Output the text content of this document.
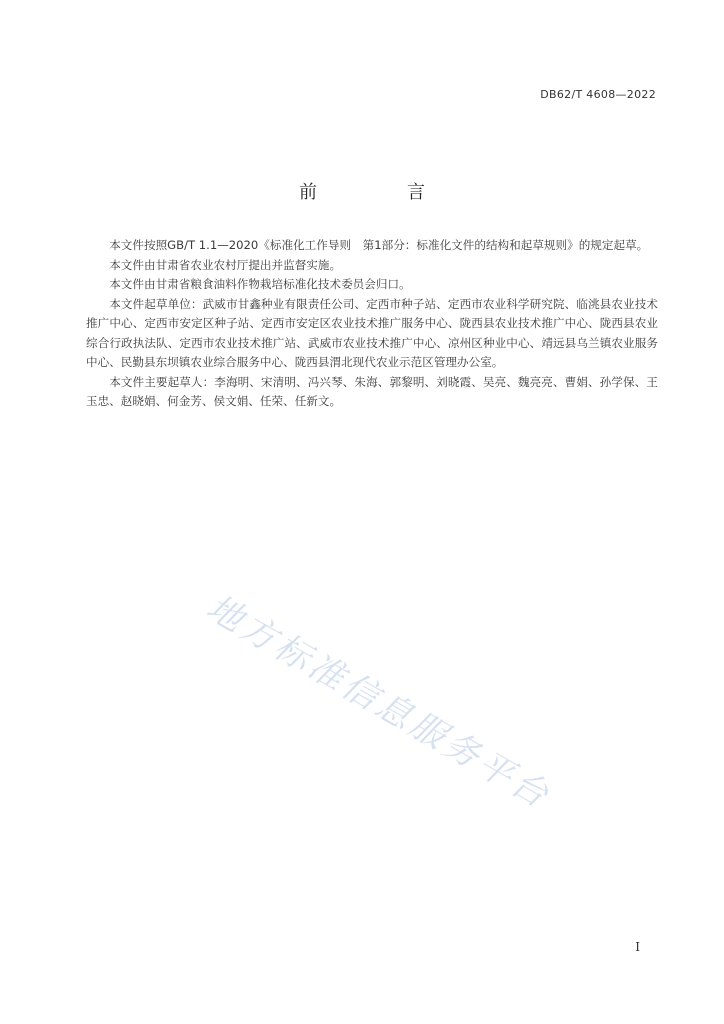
DB62/T 4608—2022
前　言

本文件按照GB/T 1.1—2020《标准化工作导则　第1部分：标准化文件的结构和起草规则》的规定起草。

本文件由甘肃省农业农村厅提出并监督实施。

本文件由甘肃省粮食油料作物栽培标准化技术委员会归口。

本文件起草单位：武威市甘鑫种业有限责任公司、定西市种子站、定西市农业科学研究院、临洮县农业技术推广中心、定西市安定区种子站、定西市安定区农业技术推广服务中心、陇西县农业技术推广中心、陇西县农业综合行政执法队、定西市农业技术推广站、武威市农业技术推广中心、凉州区种业中心、靖远县乌兰镇农业服务中心、民勤县东坝镇农业综合服务中心、陇西县渭北现代农业示范区管理办公室。

本文件主要起草人：李海明、宋清明、冯兴琴、朱海、郭黎明、刘晓霞、吴亮、魏亮亮、曹娟、孙学保、王玉忠、赵晓娟、何金芳、侯文娟、任荣、任新文。

地方标准信息服务平台
I
